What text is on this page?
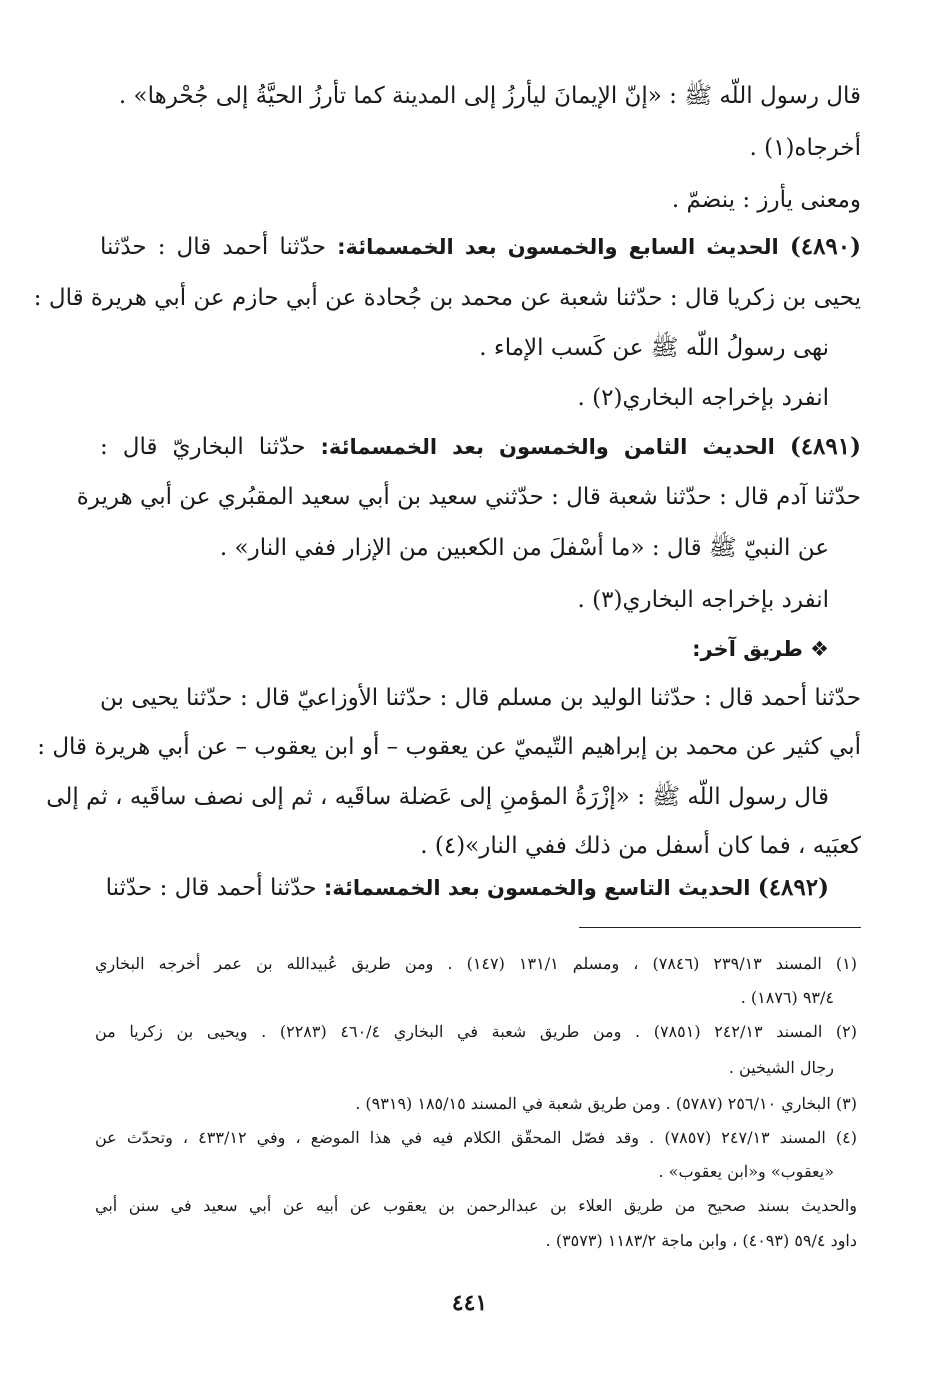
قال رسول اللّه ﷺ : «إنّ الإيمانَ ليأرزُ إلى المدينة كما تأرزُ الحيَّةُ إلى جُحْرها» .
أخرجاه(١) .
ومعنى يأرز : ينضمّ .
(٤٨٩٠) الحديث السابع والخمسون بعد الخمسمائة: حدّثنا أحمد قال : حدّثنا
يحيى بن زكريا قال : حدّثنا شعبة عن محمد بن جُحادة عن أبي حازم عن أبي هريرة قال :
نهى رسولُ اللّه ﷺ عن كَسب الإماء .
انفرد بإخراجه البخاري(٢) .
(٤٨٩١) الحديث الثامن والخمسون بعد الخمسمائة: حدّثنا البخاريّ قال :
حدّثنا آدم قال : حدّثنا شعبة قال : حدّثني سعيد بن أبي سعيد المقبُري عن أبي هريرة
عن النبيّ ﷺ قال : «ما أسْفلَ من الكعبين من الإزار ففي النار» .
انفرد بإخراجه البخاري(٣) .
❖ طريق آخر:
حدّثنا أحمد قال : حدّثنا الوليد بن مسلم قال : حدّثنا الأوزاعيّ قال : حدّثنا يحيى بن
أبي كثير عن محمد بن إبراهيم التّيميّ عن يعقوب – أو ابن يعقوب – عن أبي هريرة قال :
قال رسول اللّه ﷺ : «إزْرَةُ المؤمنِ إلى عَضلة ساقَيه ، ثم إلى نصف ساقَيه ، ثم إلى
كعبَيه ، فما كان أسفل من ذلك ففي النار»(٤) .
(٤٨٩٢) الحديث التاسع والخمسون بعد الخمسمائة: حدّثنا أحمد قال : حدّثنا
(١) المسند ٢٣٩/١٣ (٧٨٤٦) ، ومسلم ١٣١/١ (١٤٧) . ومن طريق عُبيدالله بن عمر أخرجه البخاري
٩٣/٤ (١٨٧٦) .
(٢) المسند ٢٤٢/١٣ (٧٨٥١) . ومن طريق شعبة في البخاري ٤٦٠/٤ (٢٢٨٣) . ويحيى بن زكريا من
رجال الشيخين .
(٣) البخاري ٢٥٦/١٠ (٥٧٨٧) . ومن طريق شعبة في المسند ١٨٥/١٥ (٩٣١٩) .
(٤) المسند ٢٤٧/١٣ (٧٨٥٧) . وقد فصّل المحقّق الكلام فيه في هذا الموضع ، وفي ٤٣٣/١٢ ، وتحدّث عن
«يعقوب» و«ابن يعقوب» .
والحديث بسند صحيح من طريق العلاء بن عبدالرحمن بن يعقوب عن أبيه عن أبي سعيد في سنن أبي
داود ٥٩/٤ (٤٠٩٣) ، وابن ماجة ١١٨٣/٢ (٣٥٧٣) .
٤٤١
